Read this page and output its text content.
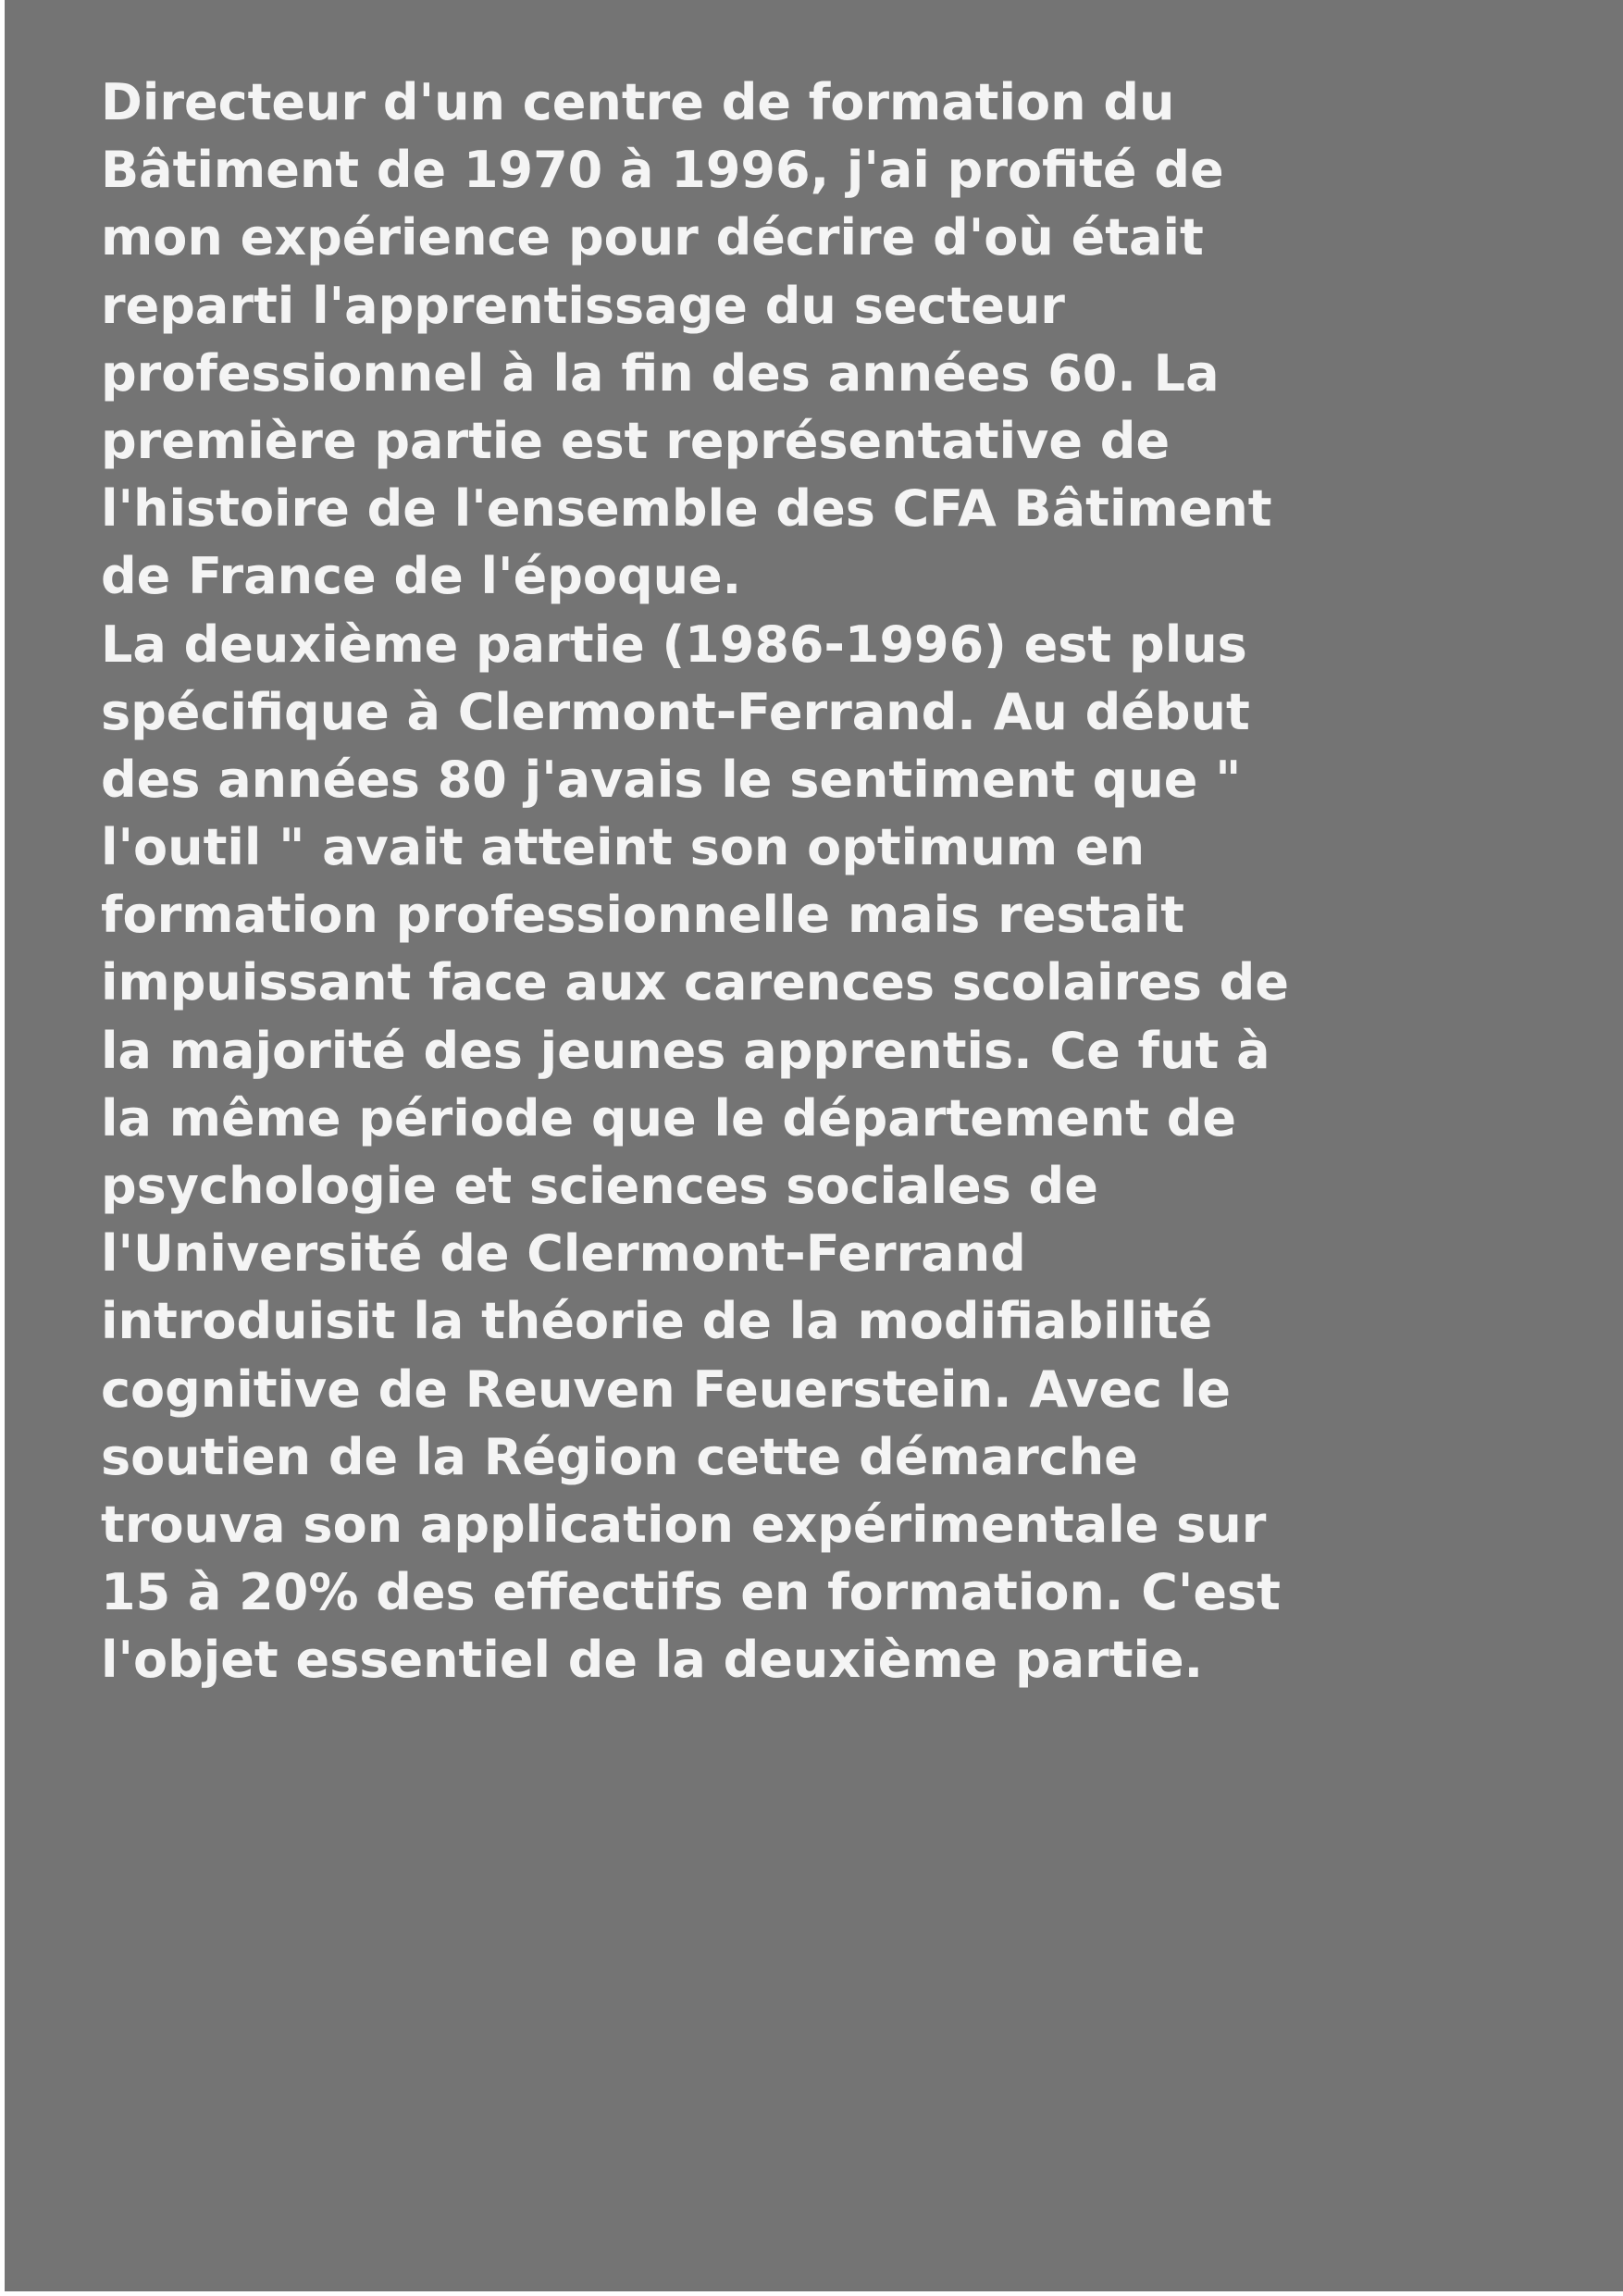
Directeur d'un centre de formation du
Bâtiment de 1970 à 1996, j'ai profité de
mon expérience pour décrire d'où était
reparti l'apprentissage du secteur
professionnel à la fin des années 60. La
première partie est représentative de
l'histoire de l'ensemble des CFA Bâtiment
de France de l'époque.
La deuxième partie (1986-1996) est plus
spécifique à Clermont-Ferrand. Au début
des années 80 j'avais le sentiment que "
l'outil " avait atteint son optimum en
formation professionnelle mais restait
impuissant face aux carences scolaires de
la majorité des jeunes apprentis. Ce fut à
la même période que le département de
psychologie et sciences sociales de
l'Université de Clermont-Ferrand
introduisit la théorie de la modifiabilité
cognitive de Reuven Feuerstein. Avec le
soutien de la Région cette démarche
trouva son application expérimentale sur
15 à 20% des effectifs en formation. C'est
l'objet essentiel de la deuxième partie.
